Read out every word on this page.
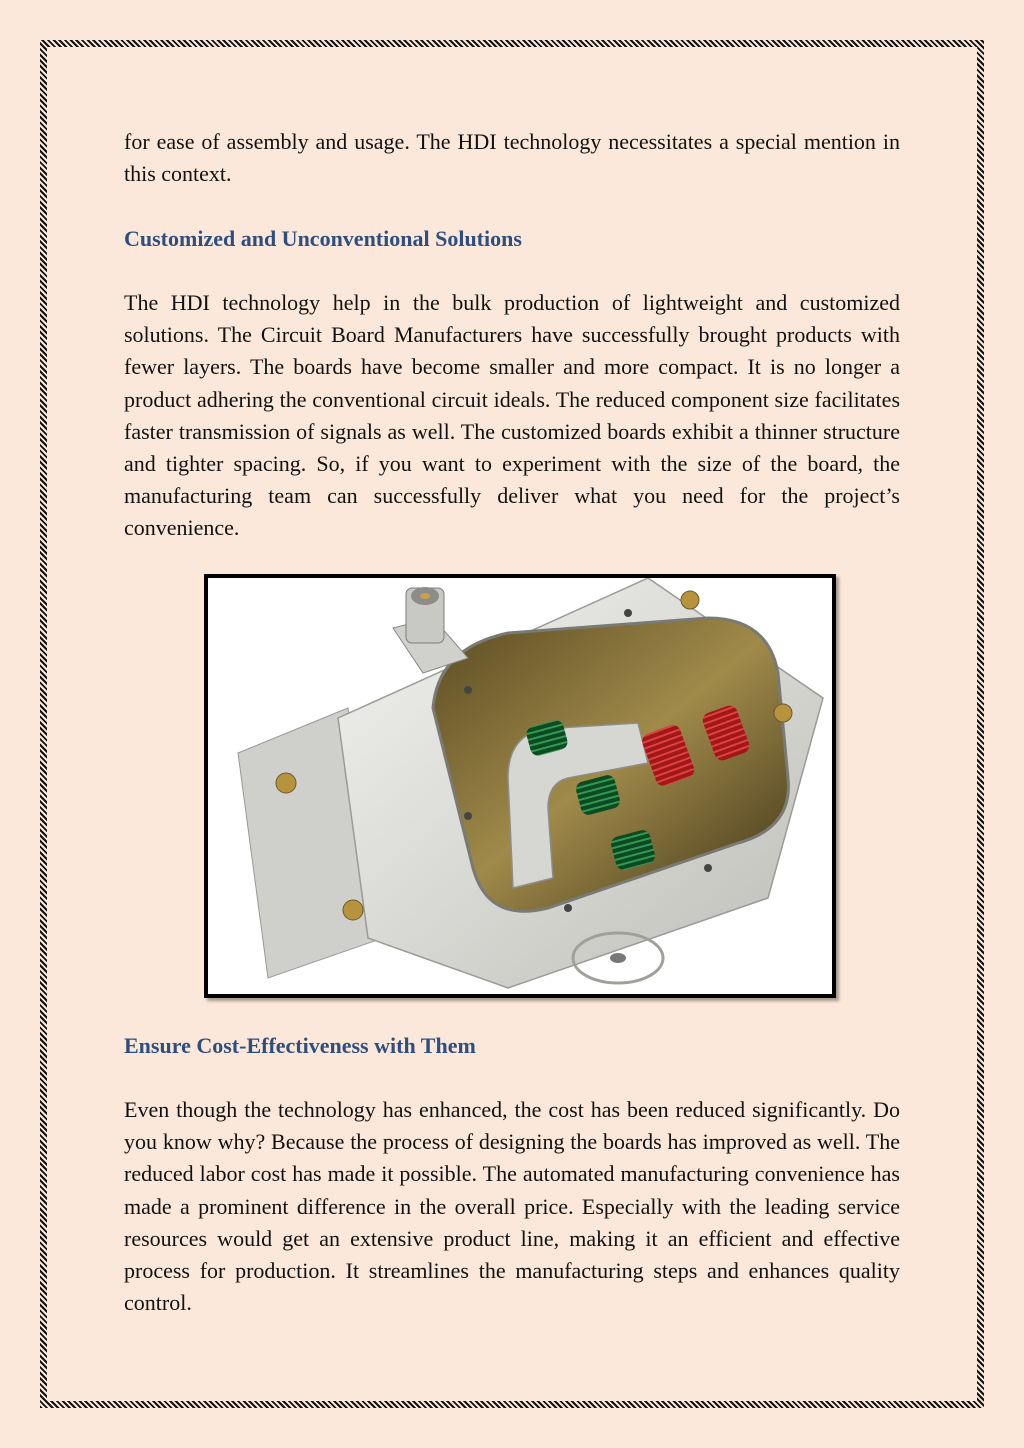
for ease of assembly and usage. The HDI technology necessitates a special mention in this context.

Customized and Unconventional Solutions

The HDI technology help in the bulk production of lightweight and customized solutions. The Circuit Board Manufacturers have successfully brought products with fewer layers. The boards have become smaller and more compact. It is no longer a product adhering the conventional circuit ideals. The reduced component size facilitates faster transmission of signals as well. The customized boards exhibit a thinner structure and tighter spacing. So, if you want to experiment with the size of the board, the manufacturing team can successfully deliver what you need for the project’s convenience.

Ensure Cost-Effectiveness with Them

Even though the technology has enhanced, the cost has been reduced significantly. Do you know why? Because the process of designing the boards has improved as well. The reduced labor cost has made it possible. The automated manufacturing convenience has made a prominent difference in the overall price. Especially with the leading service resources would get an extensive product line, making it an efficient and effective process for production. It streamlines the manufacturing steps and enhances quality control.
